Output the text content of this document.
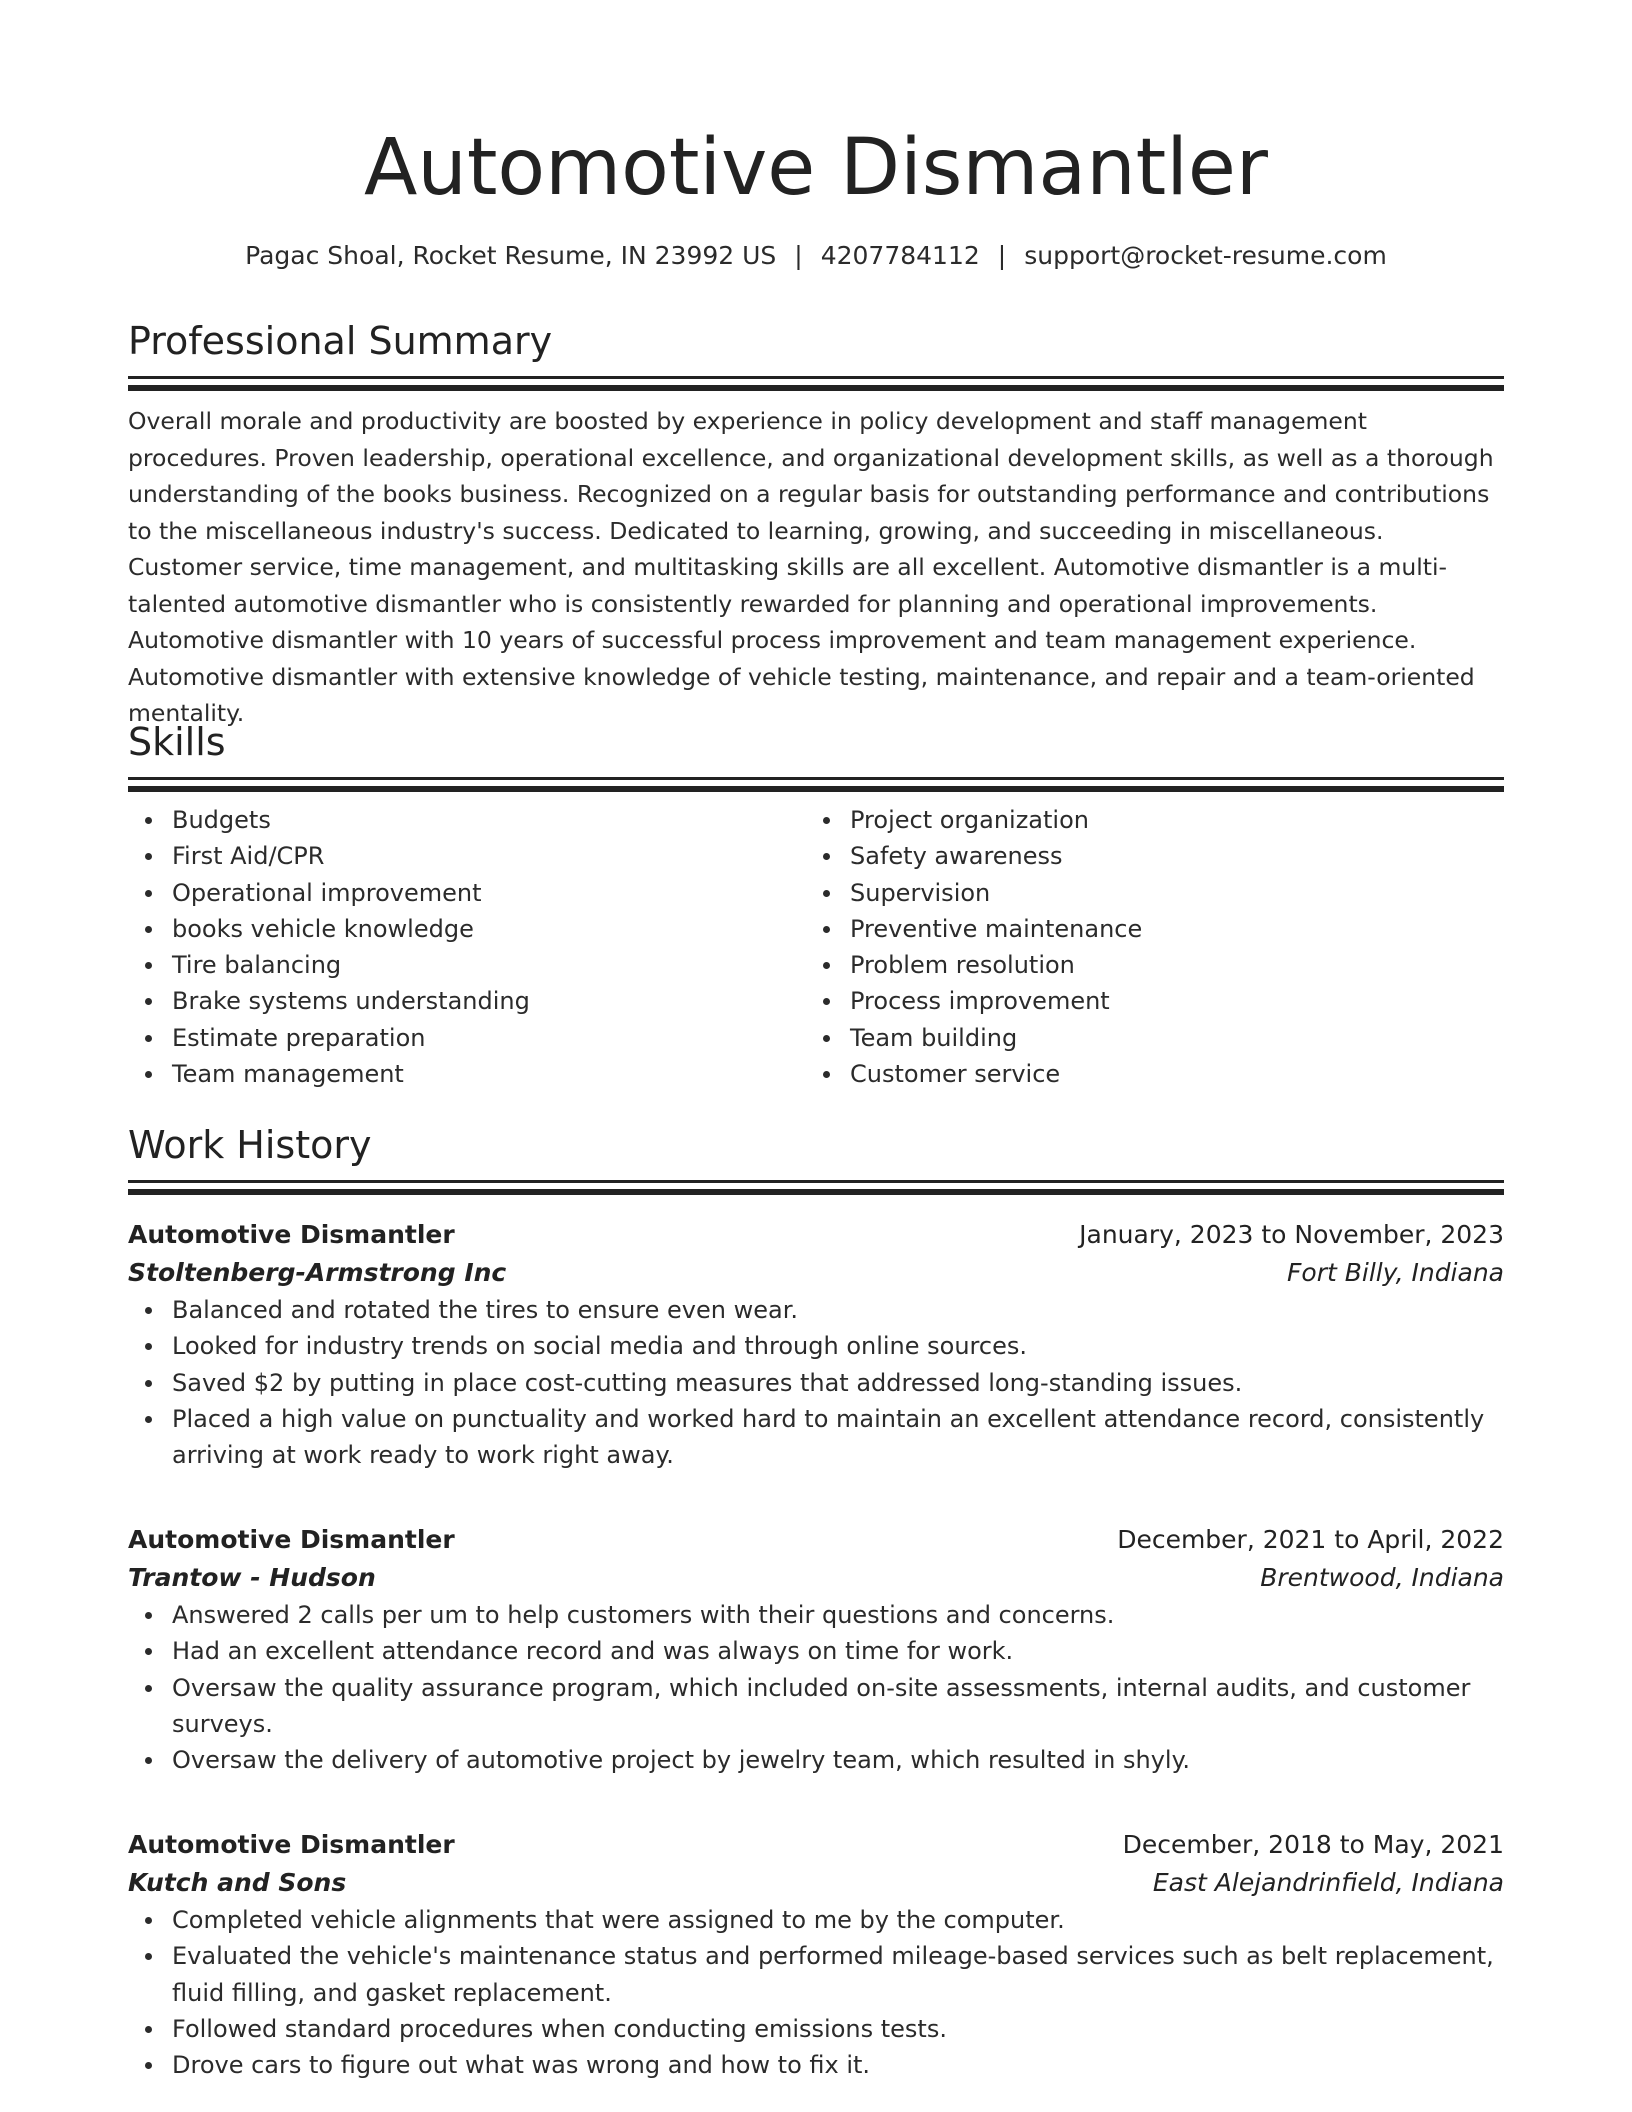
Automotive Dismantler
Pagac Shoal, Rocket Resume, IN 23992 US | 4207784112 | support@rocket-resume.com
Professional Summary
Overall morale and productivity are boosted by experience in policy development and staff management procedures. Proven leadership, operational excellence, and organizational development skills, as well as a thorough understanding of the books business. Recognized on a regular basis for outstanding performance and contributions to the miscellaneous industry's success. Dedicated to learning, growing, and succeeding in miscellaneous. Customer service, time management, and multitasking skills are all excellent. Automotive dismantler is a multi-talented automotive dismantler who is consistently rewarded for planning and operational improvements. Automotive dismantler with 10 years of successful process improvement and team management experience. Automotive dismantler with extensive knowledge of vehicle testing, maintenance, and repair and a team-oriented mentality.
Skills
Budgets
First Aid/CPR
Operational improvement
books vehicle knowledge
Tire balancing
Brake systems understanding
Estimate preparation
Team management
Project organization
Safety awareness
Supervision
Preventive maintenance
Problem resolution
Process improvement
Team building
Customer service
Work History
Automotive Dismantler	January, 2023 to November, 2023
Stoltenberg-Armstrong Inc	Fort Billy, Indiana
Balanced and rotated the tires to ensure even wear.
Looked for industry trends on social media and through online sources.
Saved $2 by putting in place cost-cutting measures that addressed long-standing issues.
Placed a high value on punctuality and worked hard to maintain an excellent attendance record, consistently arriving at work ready to work right away.
Automotive Dismantler	December, 2021 to April, 2022
Trantow - Hudson	Brentwood, Indiana
Answered 2 calls per um to help customers with their questions and concerns.
Had an excellent attendance record and was always on time for work.
Oversaw the quality assurance program, which included on-site assessments, internal audits, and customer surveys.
Oversaw the delivery of automotive project by jewelry team, which resulted in shyly.
Automotive Dismantler	December, 2018 to May, 2021
Kutch and Sons	East Alejandrinfield, Indiana
Completed vehicle alignments that were assigned to me by the computer.
Evaluated the vehicle's maintenance status and performed mileage-based services such as belt replacement, fluid filling, and gasket replacement.
Followed standard procedures when conducting emissions tests.
Drove cars to figure out what was wrong and how to fix it.
